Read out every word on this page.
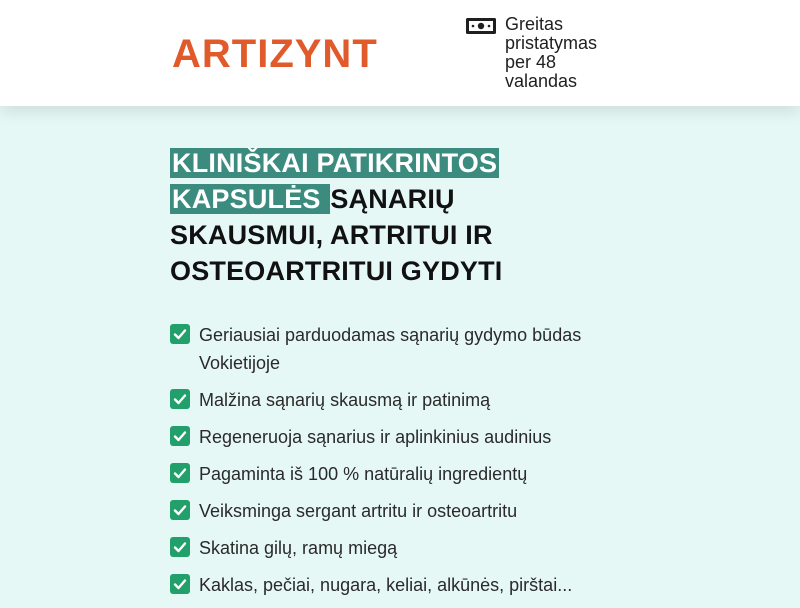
ARTIZYNT
Greitas pristatymas per 48 valandas
KLINIŠKAI PATIKRINTOS
KAPSULĖS SĄNARIŲ SKAUSMUI, ARTRITUI IR OSTEOARTRITUI GYDYTI
Geriausiai parduodamas sąnarių gydymo būdas Vokietijoje
Malžina sąnarių skausmą ir patinimą
Regeneruoja sąnarius ir aplinkinius audinius
Pagaminta iš 100 % natūralių ingredientų
Veiksminga sergant artritu ir osteoartritu
Skatina gilų, ramų miegą
Kaklas, pečiai, nugara, keliai, alkūnės, pirštai...
